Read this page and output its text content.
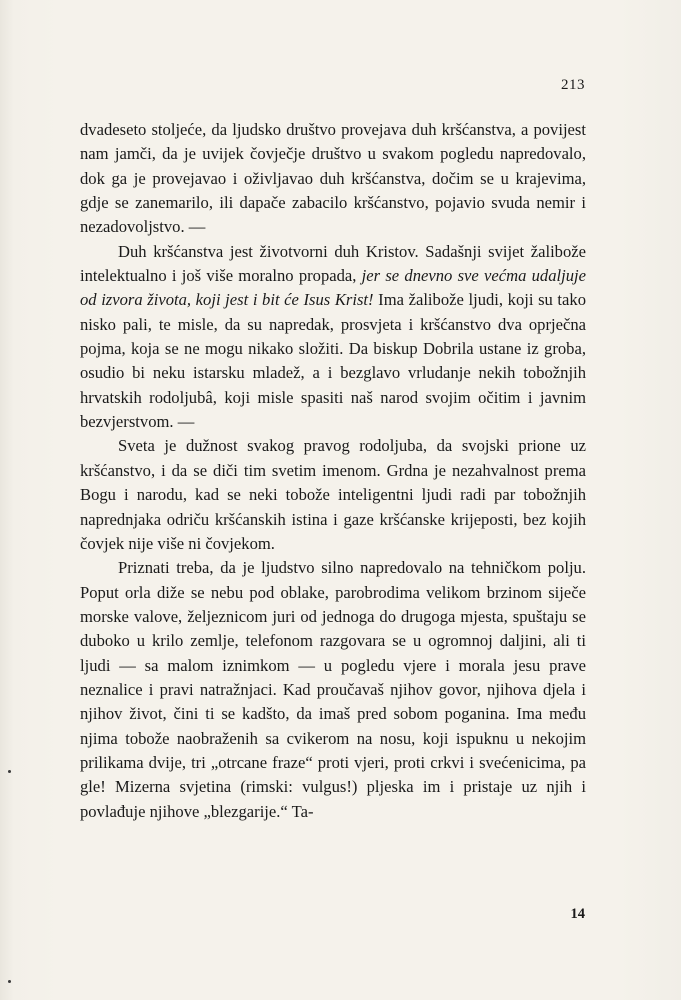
213

dvadeseto stoljeće, da ljudsko društvo provejava duh kršćanstva, a povijest nam jamči, da je uvijek čovječje društvo u svakom pogledu napredovalo, dok ga je provejavao i oživljavao duh kršćanstva, dočim se u krajevima, gdje se zanemarilo, ili dapače zabacilo kršćanstvo, pojavio svuda nemir i nezadovoljstvo. —

Duh kršćanstva jest životvorni duh Kristov. Sadašnji svijet žalibože intelektualno i još više moralno propada, jer se dnevno sve većma udaljuje od izvora života, koji jest i bit će Isus Krist! Ima žalibože ljudi, koji su tako nisko pali, te misle, da su napredak, prosvjeta i kršćanstvo dva oprječna pojma, koja se ne mogu nikako složiti. Da biskup Dobrila ustane iz groba, osudio bi neku istarsku mladež, a i bezglavo vrludanje nekih tobožnjih hrvatskih rodoljubâ, koji misle spasiti naš narod svojim očitim i javnim bezvjerstvom. —

Sveta je dužnost svakog pravog rodoljuba, da svojski prione uz kršćanstvo, i da se diči tim svetim imenom. Grdna je nezahvalnost prema Bogu i narodu, kad se neki tobože inteligentni ljudi radi par tobožnjih naprednjaka odriču kršćanskih istina i gaze kršćanske krijeposti, bez kojih čovjek nije više ni čovjekom.

Priznati treba, da je ljudstvo silno napredovalo na tehničkom polju. Poput orla diže se nebu pod oblake, parobrodima velikom brzinom siječe morske valove, željeznicom juri od jednoga do drugoga mjesta, spuštaju se duboko u krilo zemlje, telefonom razgovara se u ogromnoj daljini, ali ti ljudi — sa malom iznimkom — u pogledu vjere i morala jesu prave neznalice i pravi natražnjaci. Kad proučavaš njihov govor, njihova djela i njihov život, čini ti se kadšto, da imaš pred sobom poganina. Ima među njima tobože naobraženih sa cvikerom na nosu, koji ispuknu u nekojim prilikama dvije, tri „otrcane fraze“ proti vjeri, proti crkvi i svećenicima, pa gle! Mizerna svjetina (rimski: vulgus!) pljeska im i pristaje uz njih i povlađuje njihove „blezgarije.“ Ta-

14
